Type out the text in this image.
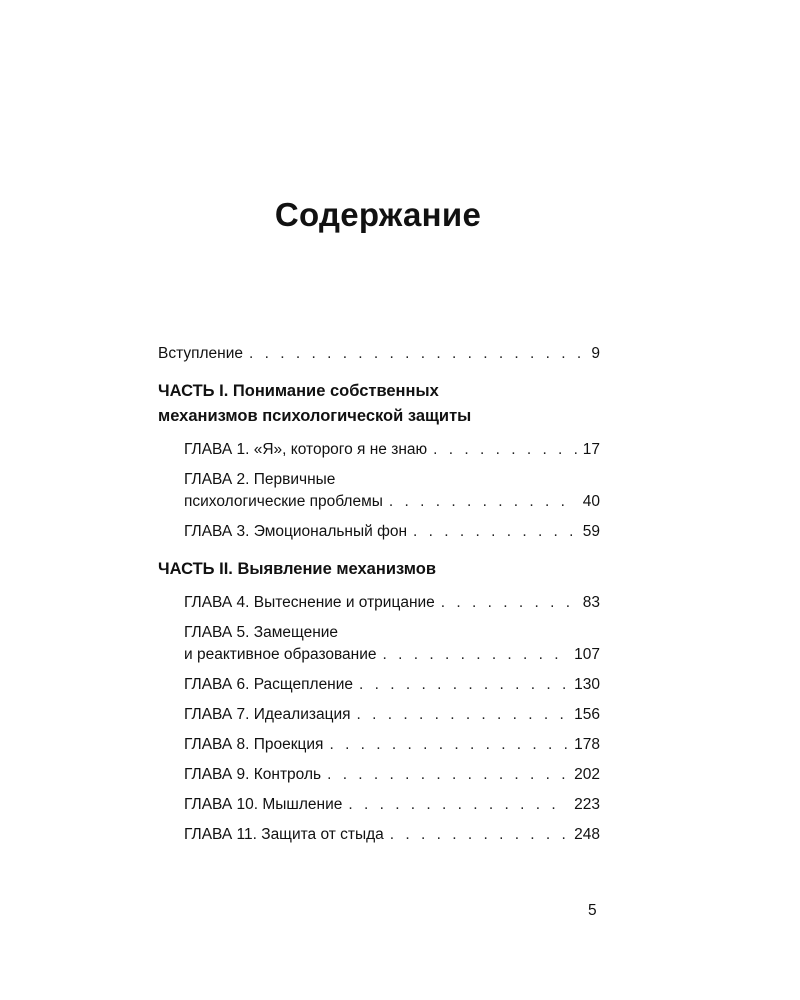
Содержание
Вступление . . .	9
ЧАСТЬ I. Понимание собственных
механизмов психологической защиты
ГЛАВА 1. «Я», которого я не знаю . . .	17
ГЛАВА 2. Первичные
психологические проблемы . . .	40
ГЛАВА 3. Эмоциональный фон . . .	59
ЧАСТЬ II. Выявление механизмов
ГЛАВА 4. Вытеснение и отрицание . . .	83
ГЛАВА 5. Замещение
и реактивное образование . . .	107
ГЛАВА 6. Расщепление . . .	130
ГЛАВА 7. Идеализация . . .	156
ГЛАВА 8. Проекция . . .	178
ГЛАВА 9. Контроль . . .	202
ГЛАВА 10. Мышление . . .	223
ГЛАВА 11. Защита от стыда . . .	248
5
